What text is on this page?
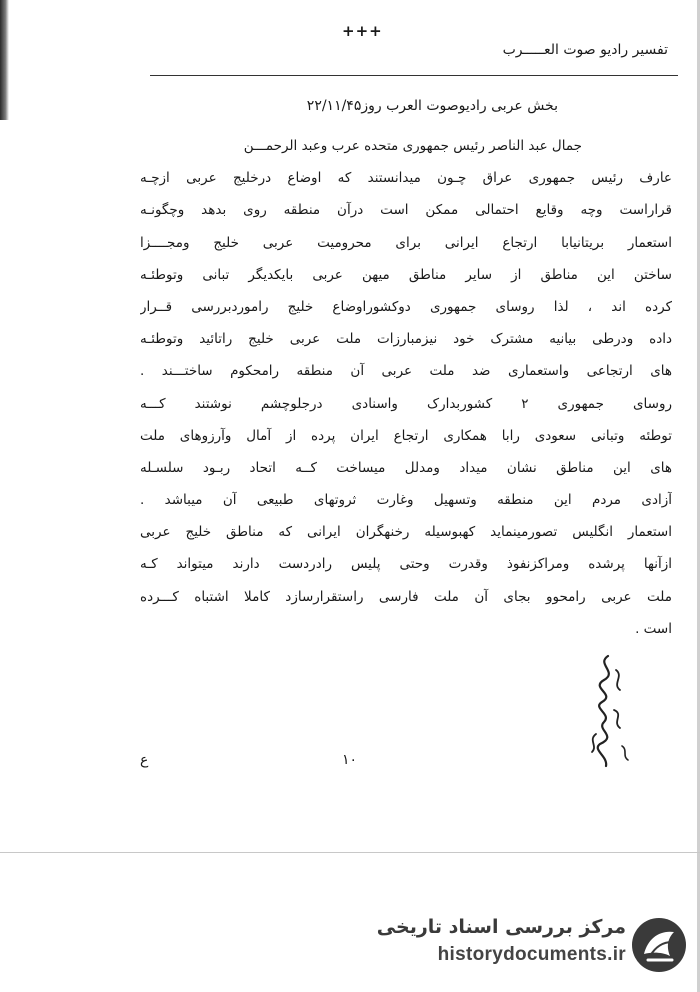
+++
تفسیر رادیو صوت العـــــرب
بخش عربی رادیوصوت العرب روز۲۲/۱۱/۴۵
جمال عبد الناصر رئیس جمهوری متحده عرب وعبد الرحمـــن
عارف رئیس جمهوری عراق چـون میدانستند که اوضاع درخلیج عربی ازچـه
قراراست وچه وقایع احتمالی ممکن است درآن منطقه روی بدهد وچگونـه
استعمار بریتانیابا ارتجاع ایرانی برای محرومیت عربی خلیج ومجــــزا
ساختن این مناطق از سایر مناطق میهن عربی بایکدیگر تبانی وتوطئـه
کرده اند ، لذا روسای جمهوری دوکشوراوضاع خلیج راموردبررسی قــرار
داده ودرطی بیانیه مشترک خود نیزمبارزات ملت عربی خلیج راتائید وتوطئـه
های ارتجاعی واستعماری ضد ملت عربی آن منطقه رامحکوم ساختـــند .
روسای جمهوری ۲ کشوربدارک واسنادی درجلوچشم نوشتند کـــه
توطئه وتبانی سعودی رابا همکاری ارتجاع ایران پرده از آمال وآرزوهای ملت
های این مناطق نشان میداد ومدلل میساخت کــه اتحاد ربـود سلسـله
آزادی مردم این منطقه وتسهیل وغارت ثروتهای طبیعی آن میباشد .
استعمار انگلیس تصورمینماید کهبوسیله رخنهگران ایرانی که مناطق خلیج عربی
ازآنها پرشده ومراکزنفوذ وقدرت وحتی پلیس رادردست دارند میتواند کـه
ملت عربی رامحوو بجای آن ملت فارسی راستقرارسازد کاملا اشتباه کـــرده
است .
ع	۱۰
مرکز بررسی اسناد تاریخی
historydocuments.ir
